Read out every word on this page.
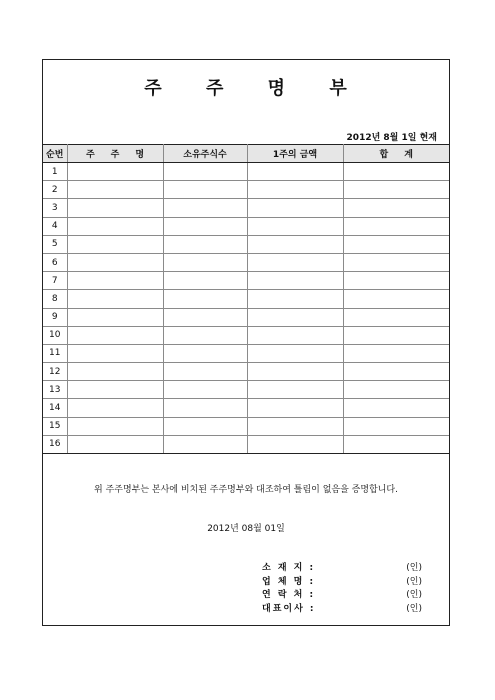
주 주 명 부
2012년 8월 1일 현재
순번	주 주 명	소유주식수	1주의 금액	합 계
1				
2				
3				
4				
5				
6				
7				
8				
9				
10				
11				
12				
13				
14				
15				
16				
위 주주명부는 본사에 비치된 주주명부와 대조하여 틀림이 없음을 증명합니다.
2012년 08월 01일
소 재 지 :	(인)
업 체 명 :	(인)
연 락 처 :	(인)
대표이사 :	(인)
